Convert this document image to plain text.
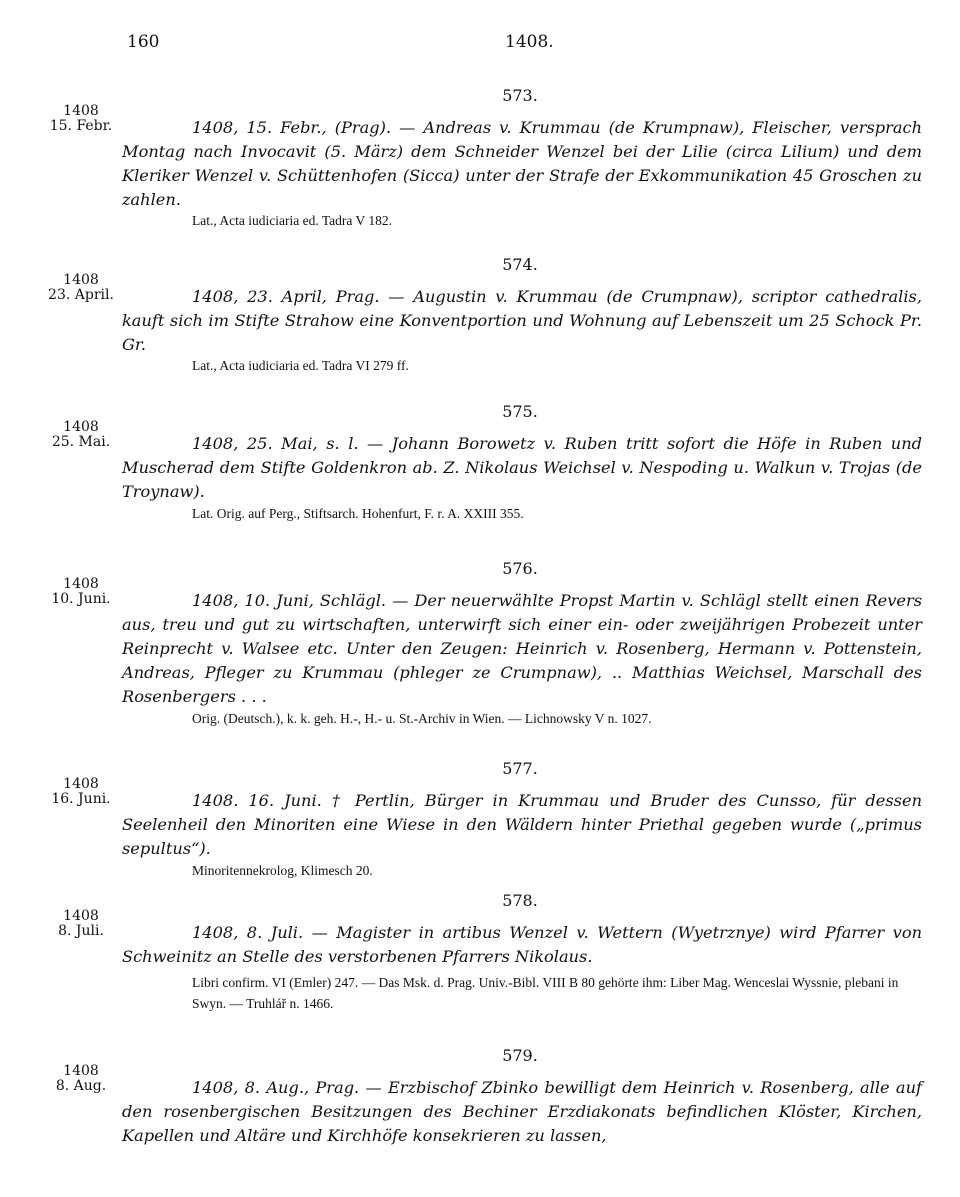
160	1408.
573.
1408
15. Febr.	1408, 15. Febr., (Prag). — Andreas v. Krummau (de Krumpnaw), Fleischer, versprach Montag nach Invocavit (5. März) dem Schneider Wenzel bei der Lilie (circa Lilium) und dem Kleriker Wenzel v. Schüttenhofen (Sicca) unter der Strafe der Exkommunikation 45 Groschen zu zahlen.
Lat., Acta iudiciaria ed. Tadra V 182.
574.
1408
23. April.	1408, 23. April, Prag. — Augustin v. Krummau (de Crumpnaw), scriptor cathedralis, kauft sich im Stifte Strahow eine Konventportion und Wohnung auf Lebenszeit um 25 Schock Pr. Gr.
Lat., Acta iudiciaria ed. Tadra VI 279 ff.
575.
1408
25. Mai.	1408, 25. Mai, s. l. — Johann Borowetz v. Ruben tritt sofort die Höfe in Ruben und Muscherad dem Stifte Goldenkron ab. Z. Nikolaus Weichsel v. Nespoding u. Walkun v. Trojas (de Troynaw).
Lat. Orig. auf Perg., Stiftsarch. Hohenfurt, F. r. A. XXIII 355.
576.
1408
10. Juni.	1408, 10. Juni, Schlägl. — Der neuerwählte Propst Martin v. Schlägl stellt einen Revers aus, treu und gut zu wirtschaften, unterwirft sich einer ein- oder zweijährigen Probezeit unter Reinprecht v. Walsee etc. Unter den Zeugen: Heinrich v. Rosenberg, Hermann v. Pottenstein, Andreas, Pfleger zu Krummau (phleger ze Crumpnaw), .. Matthias Weichsel, Marschall des Rosenbergers . . .
Orig. (Deutsch.), k. k. geh. H.-, H.- u. St.-Archiv in Wien. — Lichnowsky V n. 1027.
577.
1408
16. Juni.	1408. 16. Juni. † Pertlin, Bürger in Krummau und Bruder des Cunsso, für dessen Seelenheil den Minoriten eine Wiese in den Wäldern hinter Priethal gegeben wurde („primus sepultus“).
Minoritennekrolog, Klimesch 20.
578.
1408
8. Juli.	1408, 8. Juli. — Magister in artibus Wenzel v. Wettern (Wyetrznye) wird Pfarrer von Schweinitz an Stelle des verstorbenen Pfarrers Nikolaus.
Libri confirm. VI (Emler) 247. — Das Msk. d. Prag. Univ.-Bibl. VIII B 80 gehörte ihm: Liber Mag. Wenceslai Wyssnie, plebani in Swyn. — Truhlář n. 1466.
579.
1408
8. Aug.	1408, 8. Aug., Prag. — Erzbischof Zbinko bewilligt dem Heinrich v. Rosenberg, alle auf den rosenbergischen Besitzungen des Bechiner Erzdiakonats befindlichen Klöster, Kirchen, Kapellen und Altäre und Kirchhöfe konsekrieren zu lassen,
